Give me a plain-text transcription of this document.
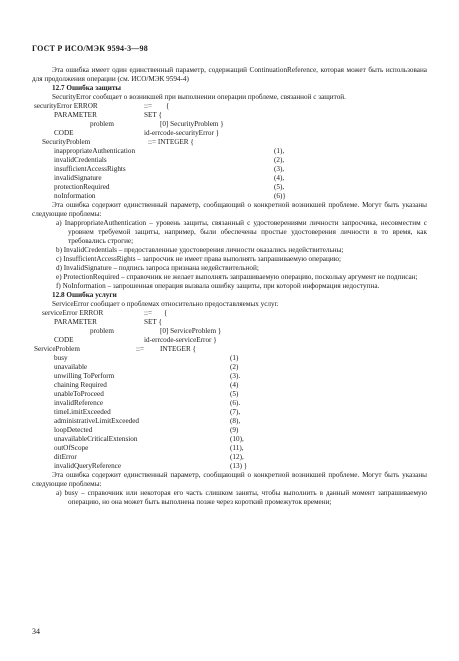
ГОСТ Р ИСО/МЭК 9594-3—98

Эта ошибка имеет один единственный параметр, содержащий ContinuationReference, которая может быть использована для продолжения операции (см. ИСО/МЭК 9594-4)

12.7 Ошибка защиты

SecurityError сообщает о возникшей при выполнении операции проблеме, связанной с защитой.

securityError ERROR	::= {
PARAMETER	SET {
problem	[0] SecurityProblem }
CODE	id-errcode-securityError }
SecurityProblem	::= INTEGER {
inappropriateAuthentication	(1),
invalidCredentials	(2),
insufficientAccessRights	(3),
invalidSignature	(4),
protectionRequired	(5),
noInformation	(6)}

Эта ошибка содержит единственный параметр, сообщающий о конкретной возникшей проблеме. Могут быть указаны следующие проблемы:

a) InappropriateAuthentication – уровень защиты, связанный с удостоверениями личности запросчика, несовместим с уровнем требуемой защиты, например, были обеспечены простые удостоверения личности в то время, как требовались строгие;

b) InvalidCredentials – предоставленные удостоверения личности оказались недействительны;

c) InsufficientAccessRights – запросчик не имеет права выполнять запрашиваемую операцию;

d) InvalidSignature – подпись запроса признана недействительной;

e) ProtectionRequired – справочник не желает выполнять запрашиваемую операцию, поскольку аргумент не подписан;

f) NoInformation – запрошенная операция вызвала ошибку защиты, при которой информация недоступна.

12.8 Ошибка услуги

ServiceError сообщает о проблемах относительно предоставляемых услуг.

serviceError ERROR	::= {
PARAMETER	SET {
problem	[0] ServiceProblem }
CODE	id-errcode-serviceError }
ServiceProblem	::= INTEGER {
busy	(1)
unavailable	(2)
unwilling ToPerform	(3).
chaining Required	(4)
unableToProceed	(5)
invalidReference	(6).
timeLimitExceeded	(7),
administrativeLimitExceeded	(8),
loopDetected	(9)
unavailableCriticalExtension	(10),
outOfScope	(11),
ditError	(12),
invalidQueryReference	(13) }

Эта ошибка содержит единственный параметр, сообщающий о конкретной возникшей проблеме. Могут быть указаны следующие проблемы:

a) busy – справочник или некоторая его часть слишком заняты, чтобы выполнить в данный момент запрашиваемую операцию, но она может быть выполнена позже через короткий промежуток времени;

34
